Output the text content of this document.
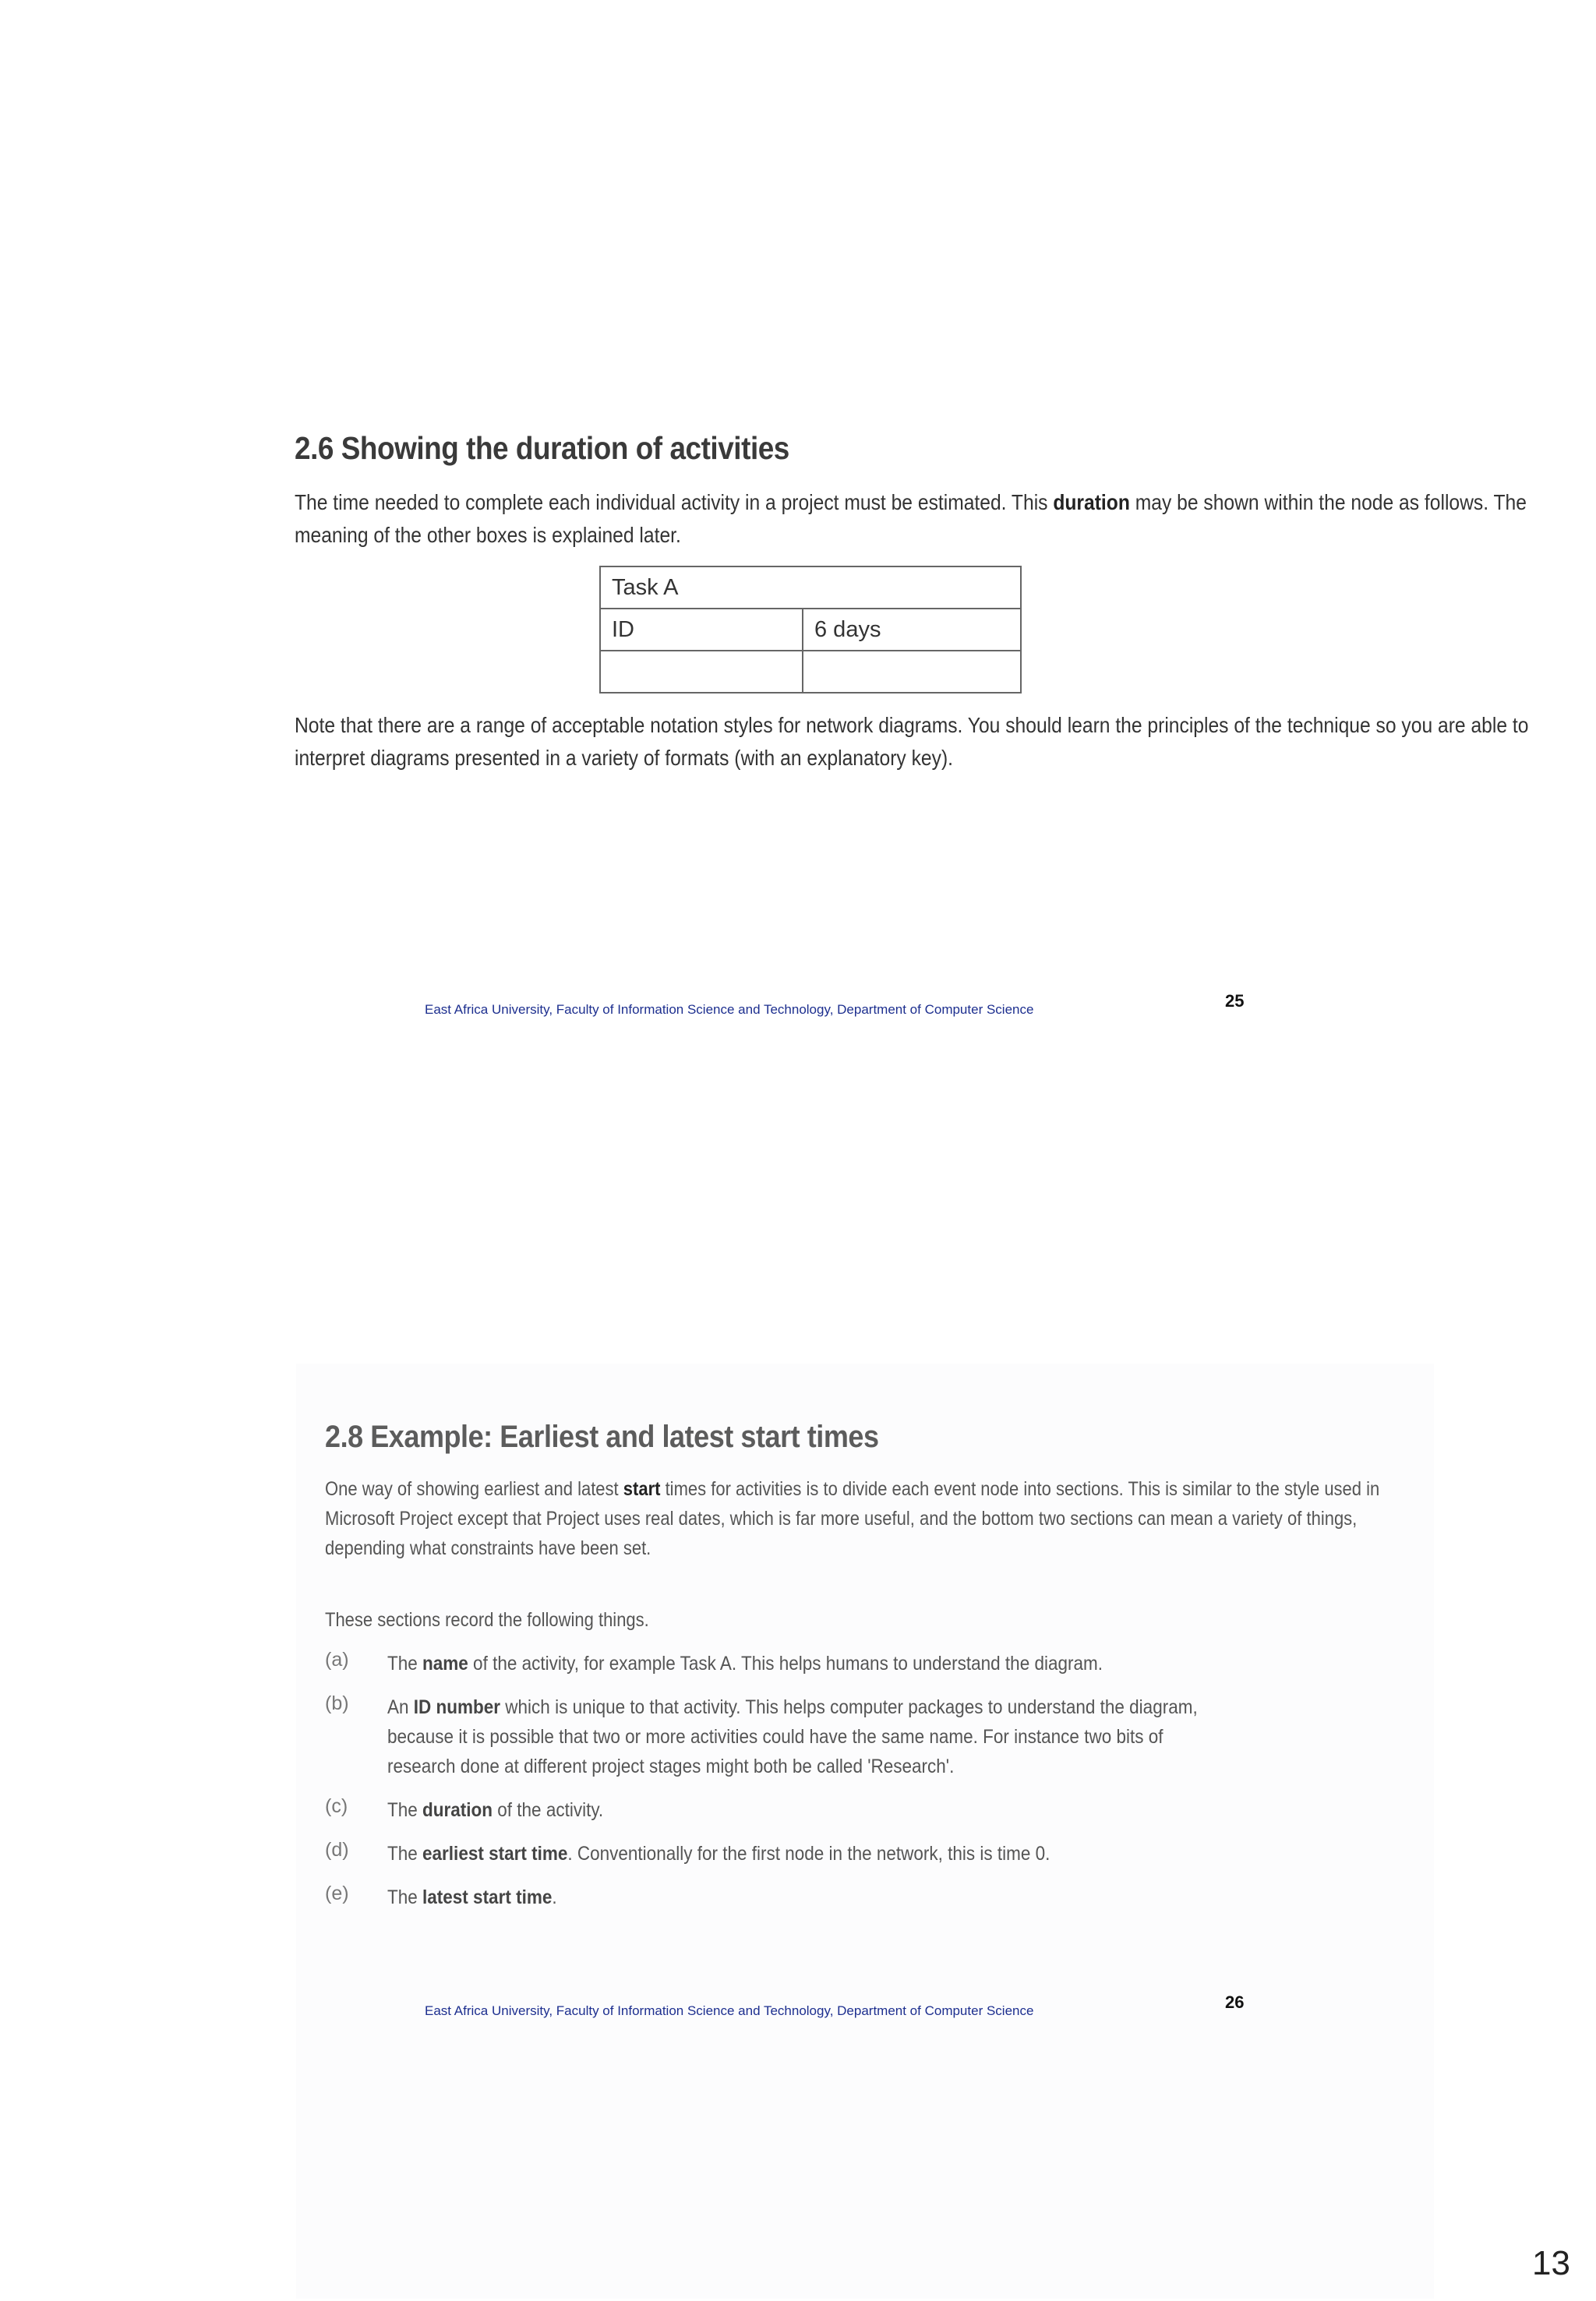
2.6 Showing the duration of activities

The time needed to complete each individual activity in a project must be estimated. This duration may be shown within the node as follows. The meaning of the other boxes is explained later.

Task A	
ID	6 days

Note that there are a range of acceptable notation styles for network diagrams. You should learn the principles of the technique so you are able to interpret diagrams presented in a variety of formats (with an explanatory key).

East Africa University, Faculty of Information Science and Technology, Department of Computer Science	25
2.8 Example: Earliest and latest start times

One way of showing earliest and latest start times for activities is to divide each event node into sections. This is similar to the style used in Microsoft Project except that Project uses real dates, which is far more useful, and the bottom two sections can mean a variety of things, depending what constraints have been set.

These sections record the following things.

(a) The name of the activity, for example Task A. This helps humans to understand the diagram.
(b) An ID number which is unique to that activity. This helps computer packages to understand the diagram, because it is possible that two or more activities could have the same name. For instance two bits of research done at different project stages might both be called 'Research'.
(c) The duration of the activity.
(d) The earliest start time. Conventionally for the first node in the network, this is time 0.
(e) The latest start time.
East Africa University, Faculty of Information Science and Technology, Department of Computer Science	26
13
